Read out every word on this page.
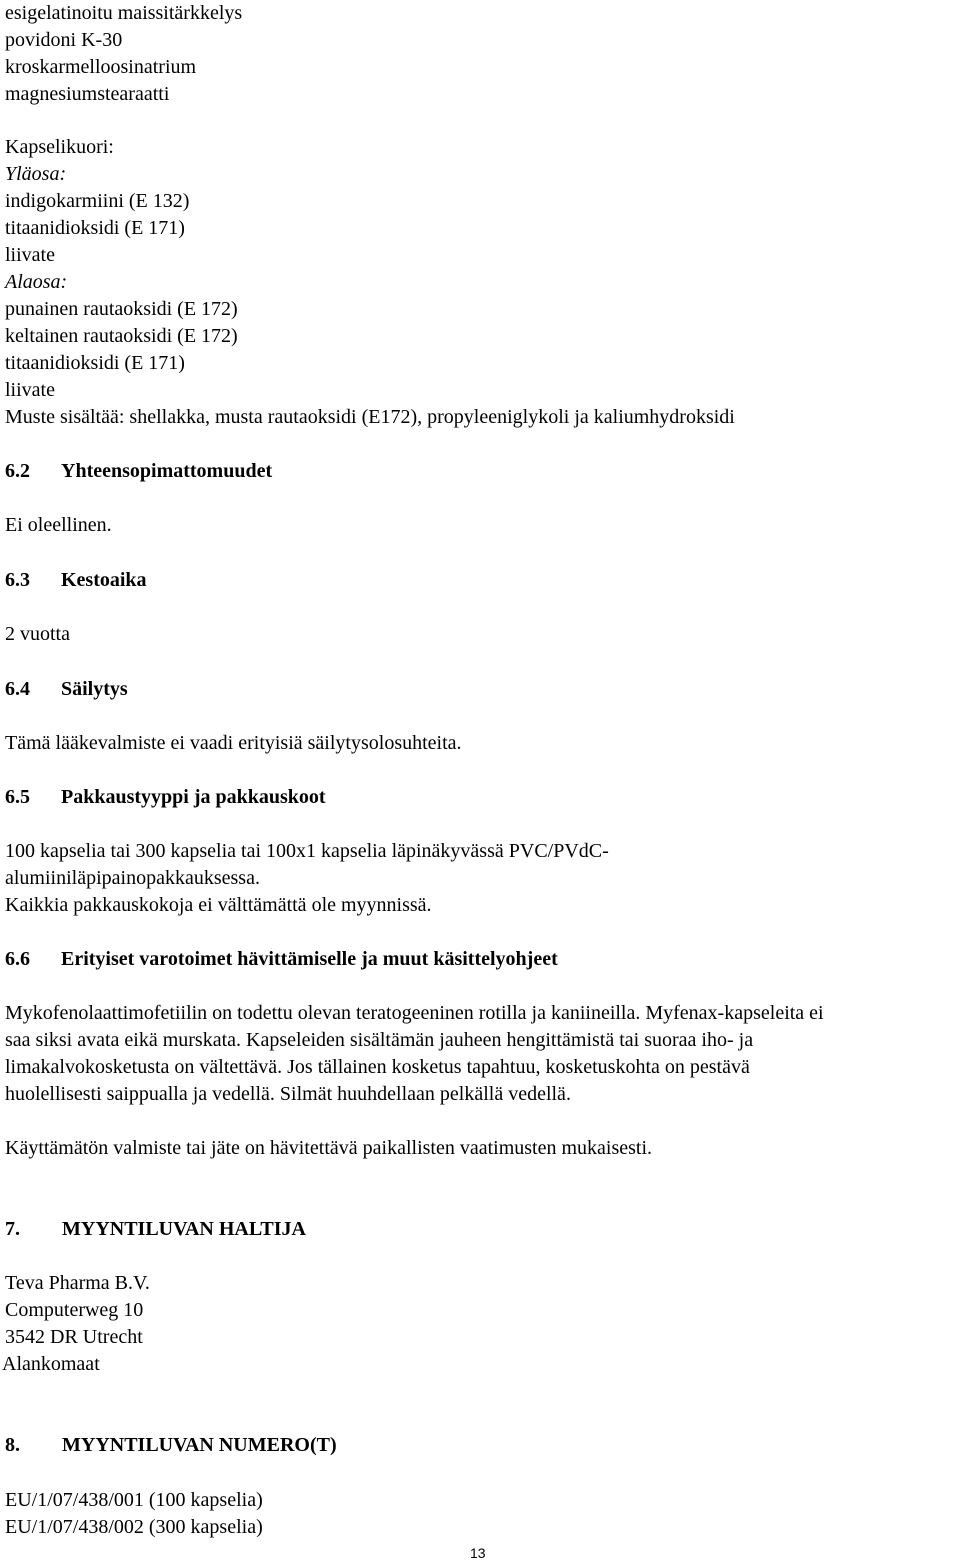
esigelatinoitu maissitärkkelys
povidoni K-30
kroskarmelloosinatrium
magnesiumstearaatti
Kapselikuori:
Yläosa:
indigokarmiini (E 132)
titaanidioksidi (E 171)
liivate
Alaosa:
punainen rautaoksidi (E 172)
keltainen rautaoksidi (E 172)
titaanidioksidi (E 171)
liivate
Muste sisältää: shellakka, musta rautaoksidi (E172), propyleeniglykoli ja kaliumhydroksidi
6.2 Yhteensopimattomuudet
Ei oleellinen.
6.3 Kestoaika
2 vuotta
6.4 Säilytys
Tämä lääkevalmiste ei vaadi erityisiä säilytysolosuhteita.
6.5 Pakkaustyyppi ja pakkauskoot
100 kapselia tai 300 kapselia tai 100x1 kapselia läpinäkyvässä PVC/PVdC-
alumiiniläpipainopakkauksessa.
Kaikkia pakkauskokoja ei välttämättä ole myynnissä.
6.6 Erityiset varotoimet hävittämiselle ja muut käsittelyohjeet
Mykofenolaattimofetiilin on todettu olevan teratogeeninen rotilla ja kaniineilla. Myfenax-kapseleita ei
saa siksi avata eikä murskata. Kapseleiden sisältämän jauheen hengittämistä tai suoraa iho- ja
limakalvokosketusta on vältettävä. Jos tällainen kosketus tapahtuu, kosketuskohta on pestävä
huolellisesti saippualla ja vedellä. Silmät huuhdellaan pelkällä vedellä.
Käyttämätön valmiste tai jäte on hävitettävä paikallisten vaatimusten mukaisesti.
7. MYYNTILUVAN HALTIJA
Teva Pharma B.V.
Computerweg 10
3542 DR Utrecht
Alankomaat
8. MYYNTILUVAN NUMERO(T)
EU/1/07/438/001 (100 kapselia)
EU/1/07/438/002 (300 kapselia)
13
